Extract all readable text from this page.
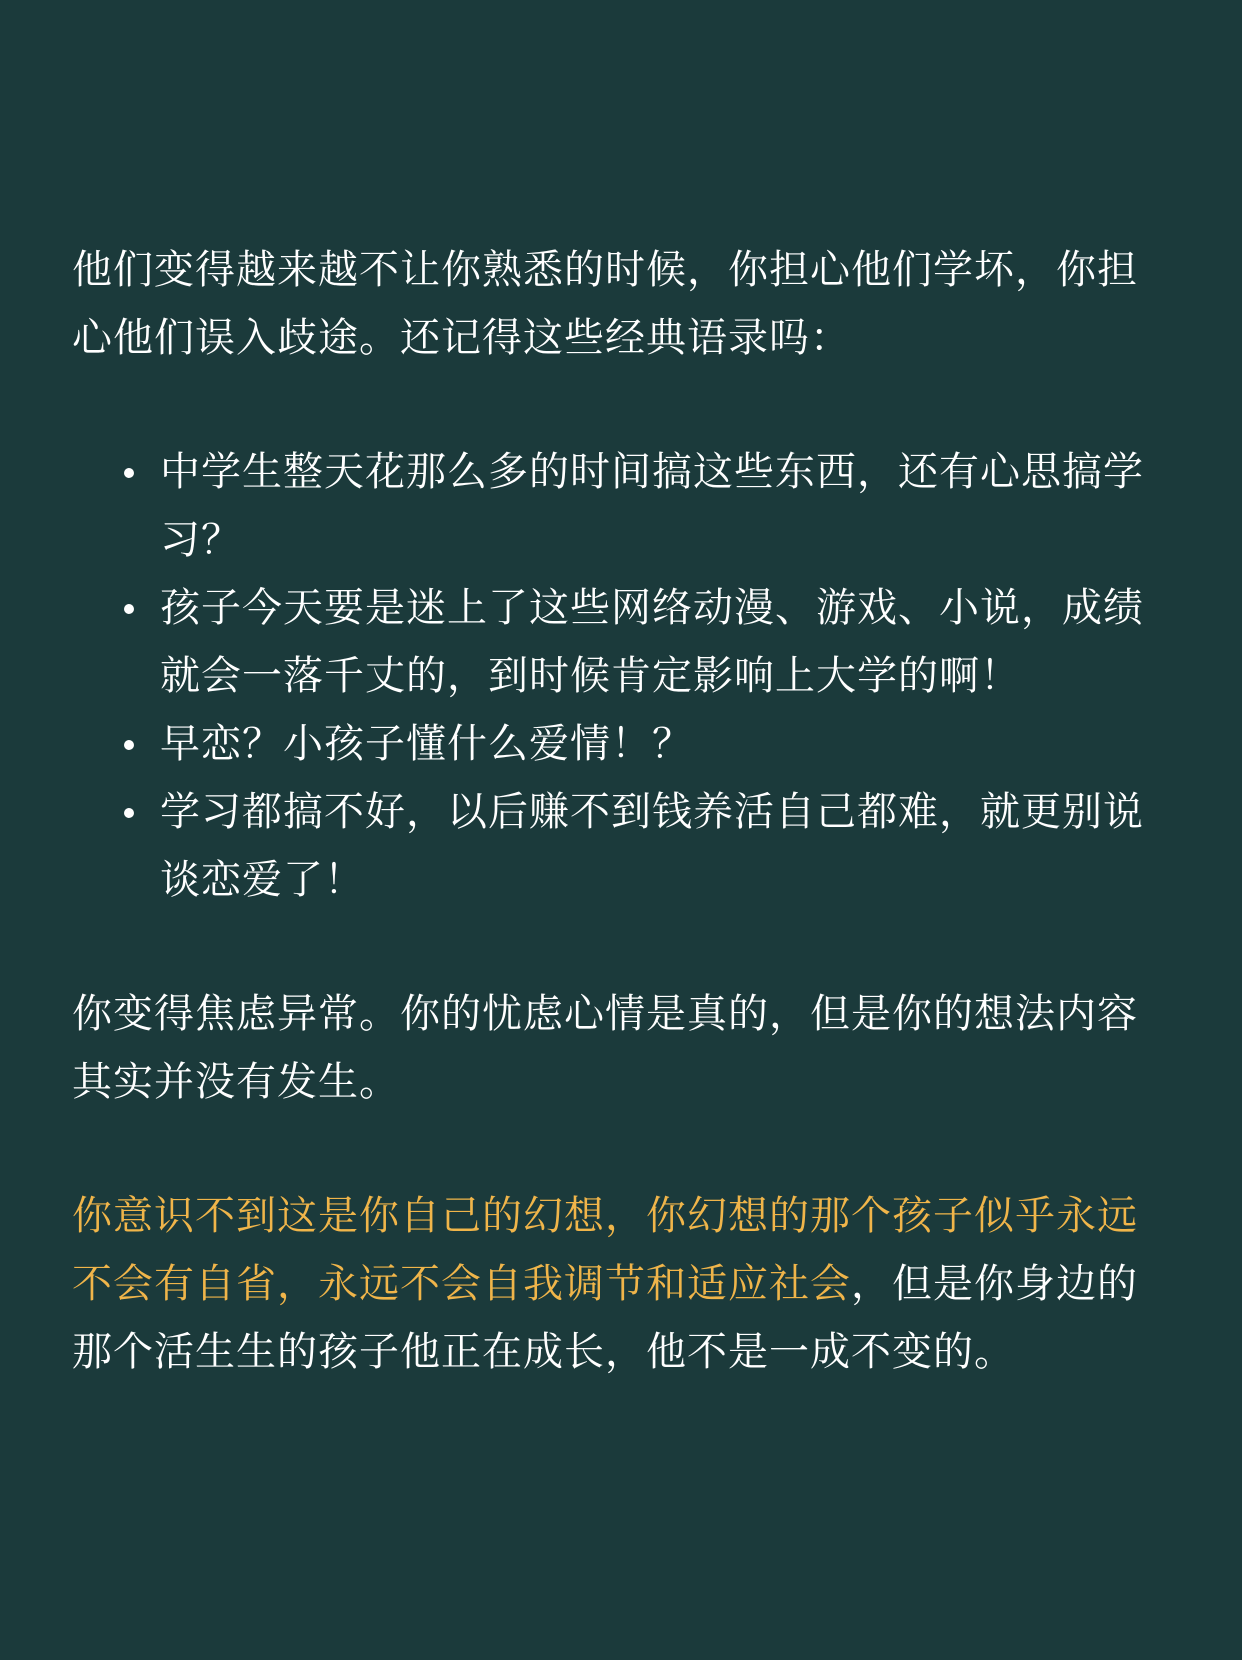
他们变得越来越不让你熟悉的时候，你担心他们学坏，你担心他们误入歧途。还记得这些经典语录吗：

中学生整天花那么多的时间搞这些东西，还有心思搞学习？
孩子今天要是迷上了这些网络动漫、游戏、小说，成绩就会一落千丈的，到时候肯定影响上大学的啊！
早恋？小孩子懂什么爱情！？
学习都搞不好，以后赚不到钱养活自己都难，就更别说谈恋爱了！

你变得焦虑异常。你的忧虑心情是真的，但是你的想法内容其实并没有发生。

你意识不到这是你自己的幻想，你幻想的那个孩子似乎永远不会有自省，永远不会自我调节和适应社会，但是你身边的那个活生生的孩子他正在成长，他不是一成不变的。
